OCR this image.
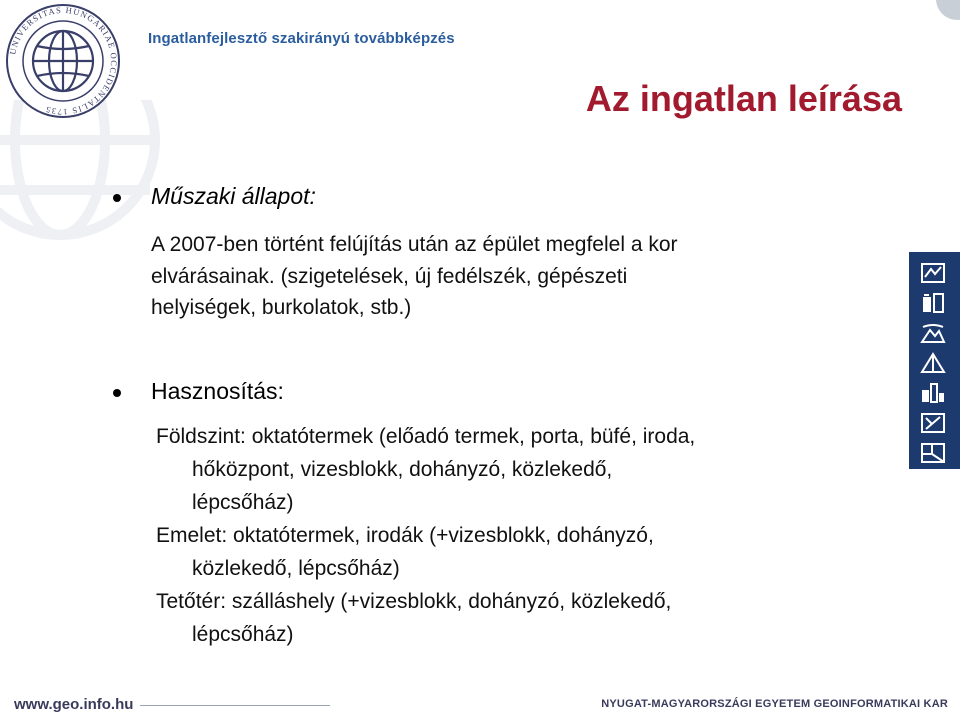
UNIVERSITAS HUNGARIAE OCCIDENTALIS 1735
Ingatlanfejlesztő szakirányú továbbképzés
Az ingatlan leírása
Műszaki állapot:
A 2007-ben történt felújítás után az épület megfelel a kor
elvárásainak. (szigetelések, új fedélszék, gépészeti
helyiségek, burkolatok, stb.)
Hasznosítás:
Földszint: oktatótermek (előadó termek, porta, büfé, iroda,
hőközpont, vizesblokk, dohányzó, közlekedő,
lépcsőház)
Emelet: oktatótermek, irodák (+vizesblokk, dohányzó,
közlekedő, lépcsőház)
Tetőtér: szálláshely (+vizesblokk, dohányzó, közlekedő,
lépcsőház)
www.geo.info.hu	NYUGAT-MAGYARORSZÁGI EGYETEM GEOINFORMATIKAI KAR
